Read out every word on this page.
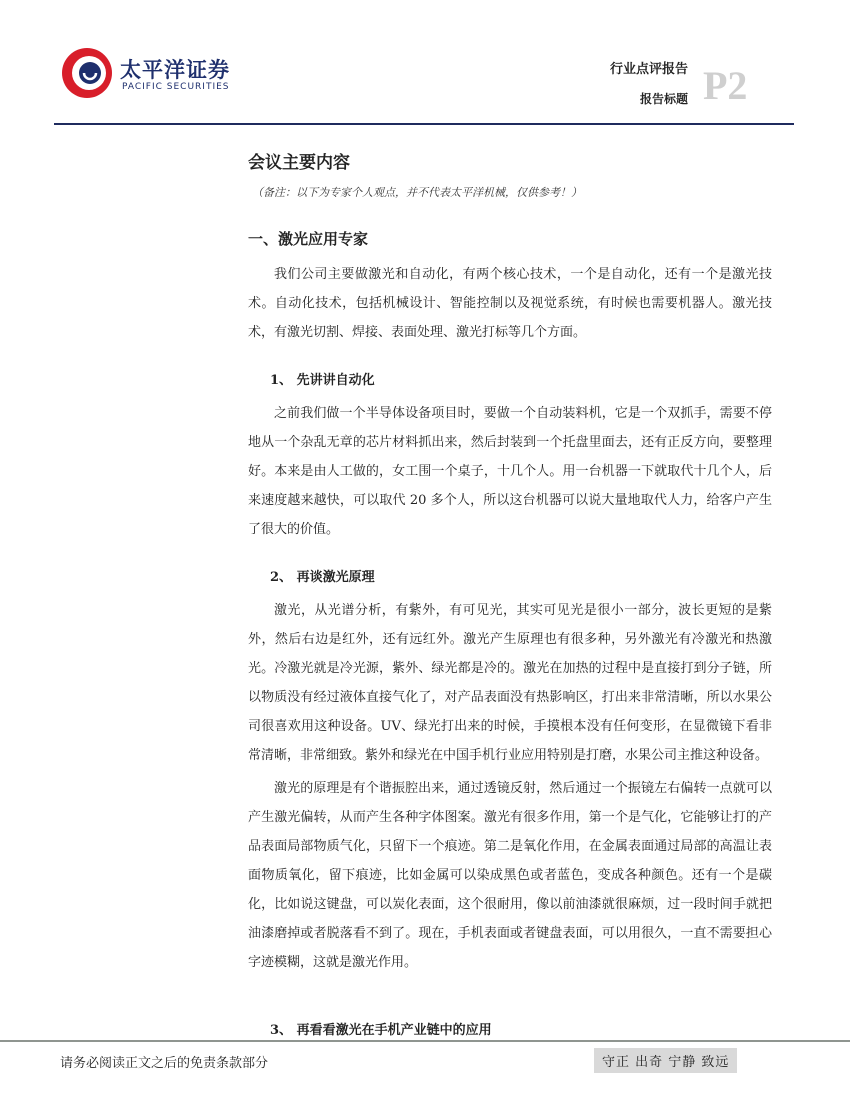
太平洋证券
PACIFIC SECURITIES
行业点评报告
报告标题 P2
会议主要内容
（备注：以下为专家个人观点，并不代表太平洋机械，仅供参考！）
一、激光应用专家

我们公司主要做激光和自动化，有两个核心技术，一个是自动化，还有一个是激光技术。自动化技术，包括机械设计、智能控制以及视觉系统，有时候也需要机器人。激光技术，有激光切割、焊接、表面处理、激光打标等几个方面。

1、 先讲讲自动化

之前我们做一个半导体设备项目时，要做一个自动装料机，它是一个双抓手，需要不停地从一个杂乱无章的芯片材料抓出来，然后封装到一个托盘里面去，还有正反方向，要整理好。本来是由人工做的，女工围一个桌子，十几个人。用一台机器一下就取代十几个人，后来速度越来越快，可以取代 20 多个人，所以这台机器可以说大量地取代人力，给客户产生了很大的价值。

2、 再谈激光原理

激光，从光谱分析，有紫外，有可见光，其实可见光是很小一部分，波长更短的是紫外，然后右边是红外，还有远红外。激光产生原理也有很多种，另外激光有冷激光和热激光。冷激光就是冷光源，紫外、绿光都是冷的。激光在加热的过程中是直接打到分子链，所以物质没有经过液体直接气化了，对产品表面没有热影响区，打出来非常清晰，所以水果公司很喜欢用这种设备。UV、绿光打出来的时候，手摸根本没有任何变形，在显微镜下看非常清晰，非常细致。紫外和绿光在中国手机行业应用特别是打磨，水果公司主推这种设备。

激光的原理是有个谐振腔出来，通过透镜反射，然后通过一个振镜左右偏转一点就可以产生激光偏转，从而产生各种字体图案。激光有很多作用，第一个是气化，它能够让打的产品表面局部物质气化，只留下一个痕迹。第二是氧化作用，在金属表面通过局部的高温让表面物质氧化，留下痕迹，比如金属可以染成黑色或者蓝色，变成各种颜色。还有一个是碳化，比如说这键盘，可以炭化表面，这个很耐用，像以前油漆就很麻烦，过一段时间手就把油漆磨掉或者脱落看不到了。现在，手机表面或者键盘表面，可以用很久，一直不需要担心字迹模糊，这就是激光作用。

3、 再看看激光在手机产业链中的应用
请务必阅读正文之后的免责条款部分	守正 出奇 宁静 致远
